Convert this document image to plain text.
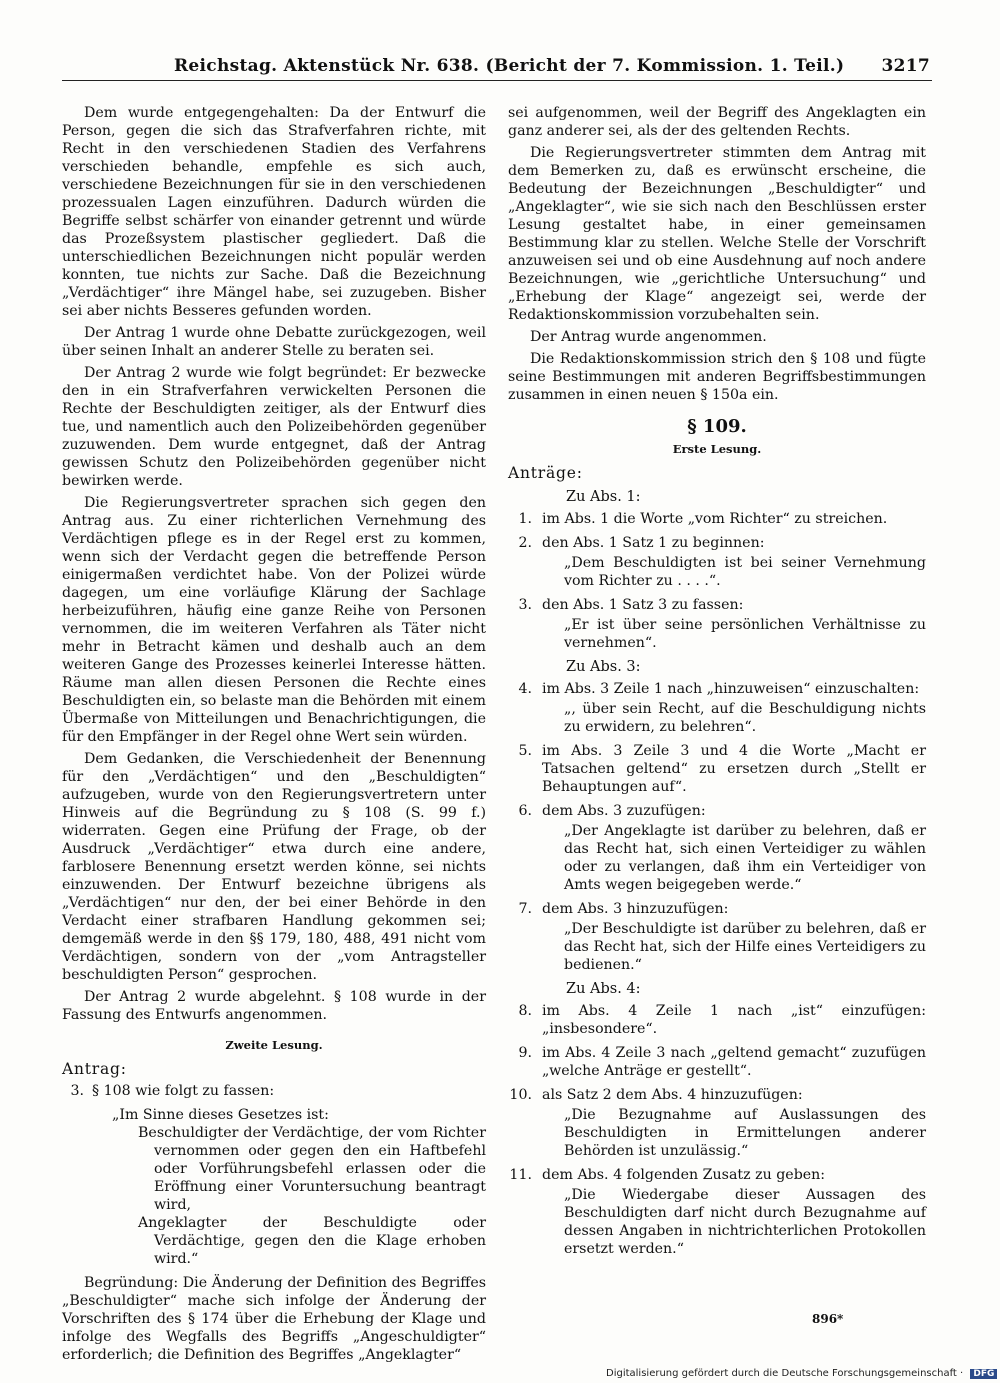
Reichstag. Aktenstück Nr. 638. (Bericht der 7. Kommission. 1. Teil.) 3217

Dem wurde entgegengehalten: Da der Entwurf die Person, gegen die sich das Strafverfahren richte, mit Recht in den verschiedenen Stadien des Verfahrens verschieden behandle, empfehle es sich auch, verschiedene Bezeichnungen für sie in den verschiedenen prozessualen Lagen einzuführen. Dadurch würden die Begriffe selbst schärfer von einander getrennt und würde das Prozeßsystem plastischer gegliedert. Daß die unterschiedlichen Bezeichnungen nicht populär werden konnten, tue nichts zur Sache. Daß die Bezeichnung „Verdächtiger“ ihre Mängel habe, sei zuzugeben. Bisher sei aber nichts Besseres gefunden worden.

Der Antrag 1 wurde ohne Debatte zurückgezogen, weil über seinen Inhalt an anderer Stelle zu beraten sei.

Der Antrag 2 wurde wie folgt begründet: Er bezwecke den in ein Strafverfahren verwickelten Personen die Rechte der Beschuldigten zeitiger, als der Entwurf dies tue, und namentlich auch den Polizeibehörden gegenüber zuzuwenden. Dem wurde entgegnet, daß der Antrag gewissen Schutz den Polizeibehörden gegenüber nicht bewirken werde.

Die Regierungsvertreter sprachen sich gegen den Antrag aus. Zu einer richterlichen Vernehmung des Verdächtigen pflege es in der Regel erst zu kommen, wenn sich der Verdacht gegen die betreffende Person einigermaßen verdichtet habe. Von der Polizei würde dagegen, um eine vorläufige Klärung der Sachlage herbeizuführen, häufig eine ganze Reihe von Personen vernommen, die im weiteren Verfahren als Täter nicht mehr in Betracht kämen und deshalb auch an dem weiteren Gange des Prozesses keinerlei Interesse hätten. Räume man allen diesen Personen die Rechte eines Beschuldigten ein, so belaste man die Behörden mit einem Übermaße von Mitteilungen und Benachrichtigungen, die für den Empfänger in der Regel ohne Wert sein würden.

Dem Gedanken, die Verschiedenheit der Benennung für den „Verdächtigen“ und den „Beschuldigten“ aufzugeben, wurde von den Regierungsvertretern unter Hinweis auf die Begründung zu § 108 (S. 99 f.) widerraten. Gegen eine Prüfung der Frage, ob der Ausdruck „Verdächtiger“ etwa durch eine andere, farblosere Benennung ersetzt werden könne, sei nichts einzuwenden. Der Entwurf bezeichne übrigens als „Verdächtigen“ nur den, der bei einer Behörde in den Verdacht einer strafbaren Handlung gekommen sei; demgemäß werde in den §§ 179, 180, 488, 491 nicht vom Verdächtigen, sondern von der „vom Antragsteller beschuldigten Person“ gesprochen.

Der Antrag 2 wurde abgelehnt. § 108 wurde in der Fassung des Entwurfs angenommen.

Zweite Lesung.
Antrag:
3. § 108 wie folgt zu fassen:
„Im Sinne dieses Gesetzes ist:
Beschuldigter der Verdächtige, der vom Richter vernommen oder gegen den ein Haftbefehl oder Vorführungsbefehl erlassen oder die Eröffnung einer Voruntersuchung beantragt wird,
Angeklagter der Beschuldigte oder Verdächtige, gegen den die Klage erhoben wird.“

Begründung: Die Änderung der Definition des Begriffes „Beschuldigter“ mache sich infolge der Änderung der Vorschriften des § 174 über die Erhebung der Klage und infolge des Wegfalls des Begriffs „Angeschuldigter“ erforderlich; die Definition des Begriffes „Angeklagter“

sei aufgenommen, weil der Begriff des Angeklagten ein ganz anderer sei, als der des geltenden Rechts.

Die Regierungsvertreter stimmten dem Antrag mit dem Bemerken zu, daß es erwünscht erscheine, die Bedeutung der Bezeichnungen „Beschuldigter“ und „Angeklagter“, wie sie sich nach den Beschlüssen erster Lesung gestaltet habe, in einer gemeinsamen Bestimmung klar zu stellen. Welche Stelle der Vorschrift anzuweisen sei und ob eine Ausdehnung auf noch andere Bezeichnungen, wie „gerichtliche Untersuchung“ und „Erhebung der Klage“ angezeigt sei, werde der Redaktionskommission vorzubehalten sein.

Der Antrag wurde angenommen.

Die Redaktionskommission strich den § 108 und fügte seine Bestimmungen mit anderen Begriffsbestimmungen zusammen in einen neuen § 150a ein.

§ 109.
Erste Lesung.
Anträge:
Zu Abs. 1:
1. im Abs. 1 die Worte „vom Richter“ zu streichen.
2. den Abs. 1 Satz 1 zu beginnen:
„Dem Beschuldigten ist bei seiner Vernehmung vom Richter zu . . . .“.
3. den Abs. 1 Satz 3 zu fassen:
„Er ist über seine persönlichen Verhältnisse zu vernehmen“.
Zu Abs. 3:
4. im Abs. 3 Zeile 1 nach „hinzuweisen“ einzuschalten:
„, über sein Recht, auf die Beschuldigung nichts zu erwidern, zu belehren“.
5. im Abs. 3 Zeile 3 und 4 die Worte „Macht er Tatsachen geltend“ zu ersetzen durch „Stellt er Behauptungen auf“.
6. dem Abs. 3 zuzufügen:
„Der Angeklagte ist darüber zu belehren, daß er das Recht hat, sich einen Verteidiger zu wählen oder zu verlangen, daß ihm ein Verteidiger von Amts wegen beigegeben werde.“
7. dem Abs. 3 hinzuzufügen:
„Der Beschuldigte ist darüber zu belehren, daß er das Recht hat, sich der Hilfe eines Verteidigers zu bedienen.“
Zu Abs. 4:
8. im Abs. 4 Zeile 1 nach „ist“ einzufügen: „insbesondere“.
9. im Abs. 4 Zeile 3 nach „geltend gemacht“ zuzufügen „welche Anträge er gestellt“.
10. als Satz 2 dem Abs. 4 hinzuzufügen:
„Die Bezugnahme auf Auslassungen des Beschuldigten in Ermittelungen anderer Behörden ist unzulässig.“
11. dem Abs. 4 folgenden Zusatz zu geben:
„Die Wiedergabe dieser Aussagen des Beschuldigten darf nicht durch Bezugnahme auf dessen Angaben in nichtrichterlichen Protokollen ersetzt werden.“
896*
Digitalisierung gefördert durch die Deutsche Forschungsgemeinschaft · DFG
